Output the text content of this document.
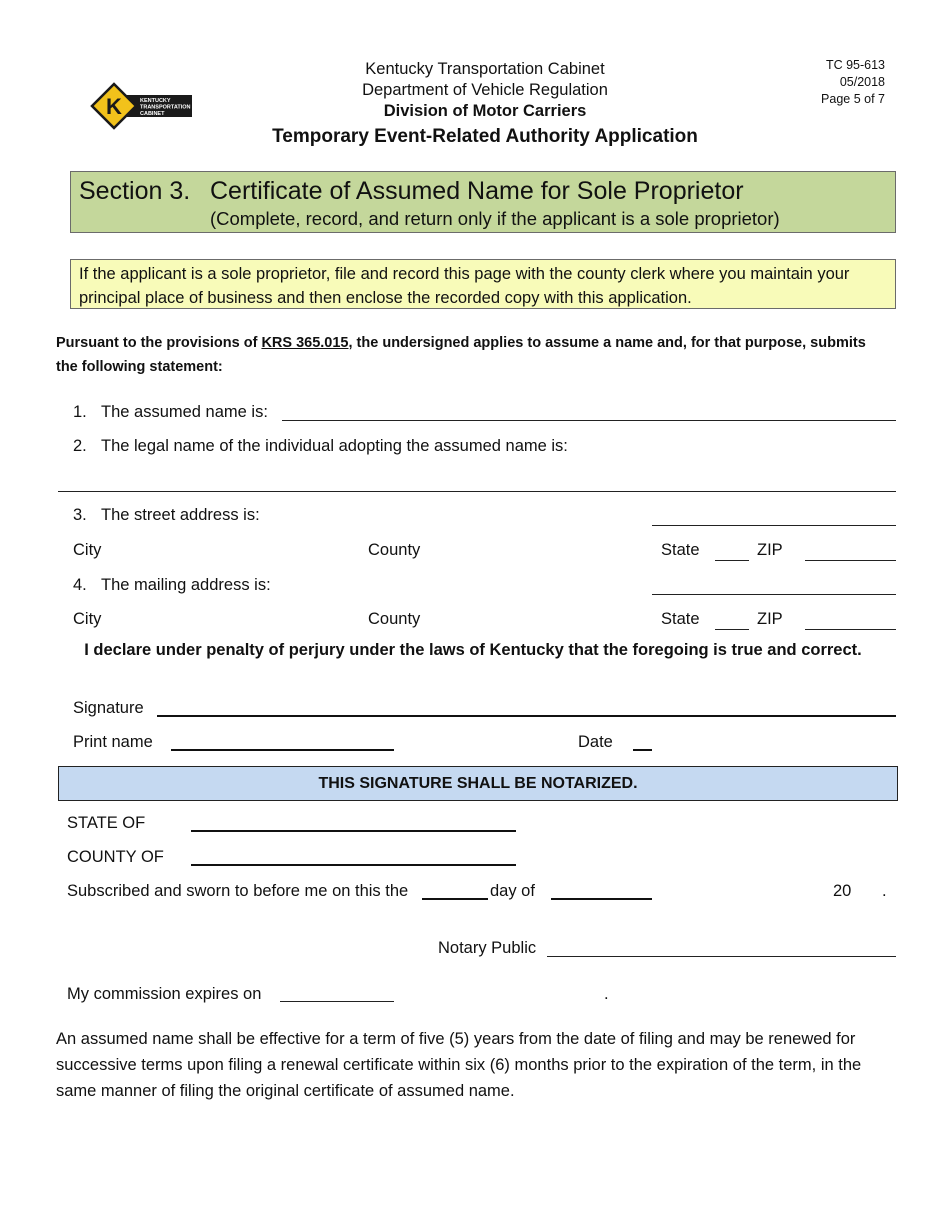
K	KENTUCKY
TRANSPORTATION
CABINET
Kentucky Transportation Cabinet
Department of Vehicle Regulation
Division of Motor Carriers
Temporary Event-Related Authority Application
TC 95-613
05/2018
Page 5 of 7
Section 3. Certificate of Assumed Name for Sole Proprietor
(Complete, record, and return only if the applicant is a sole proprietor)
If the applicant is a sole proprietor, file and record this page with the county clerk where you maintain your principal place of business and then enclose the recorded copy with this application.
Pursuant to the provisions of KRS 365.015, the undersigned applies to assume a name and, for that purpose, submits the following statement:
1. The assumed name is:
2. The legal name of the individual adopting the assumed name is:
3. The street address is:
City	County	State	ZIP
4. The mailing address is:
City	County	State	ZIP
I declare under penalty of perjury under the laws of Kentucky that the foregoing is true and correct.
Signature
Print name	Date
THIS SIGNATURE SHALL BE NOTARIZED.
STATE OF
COUNTY OF
Subscribed and sworn to before me on this the	day of	20 .
Notary Public
My commission expires on	.
An assumed name shall be effective for a term of five (5) years from the date of filing and may be renewed for successive terms upon filing a renewal certificate within six (6) months prior to the expiration of the term, in the same manner of filing the original certificate of assumed name.
